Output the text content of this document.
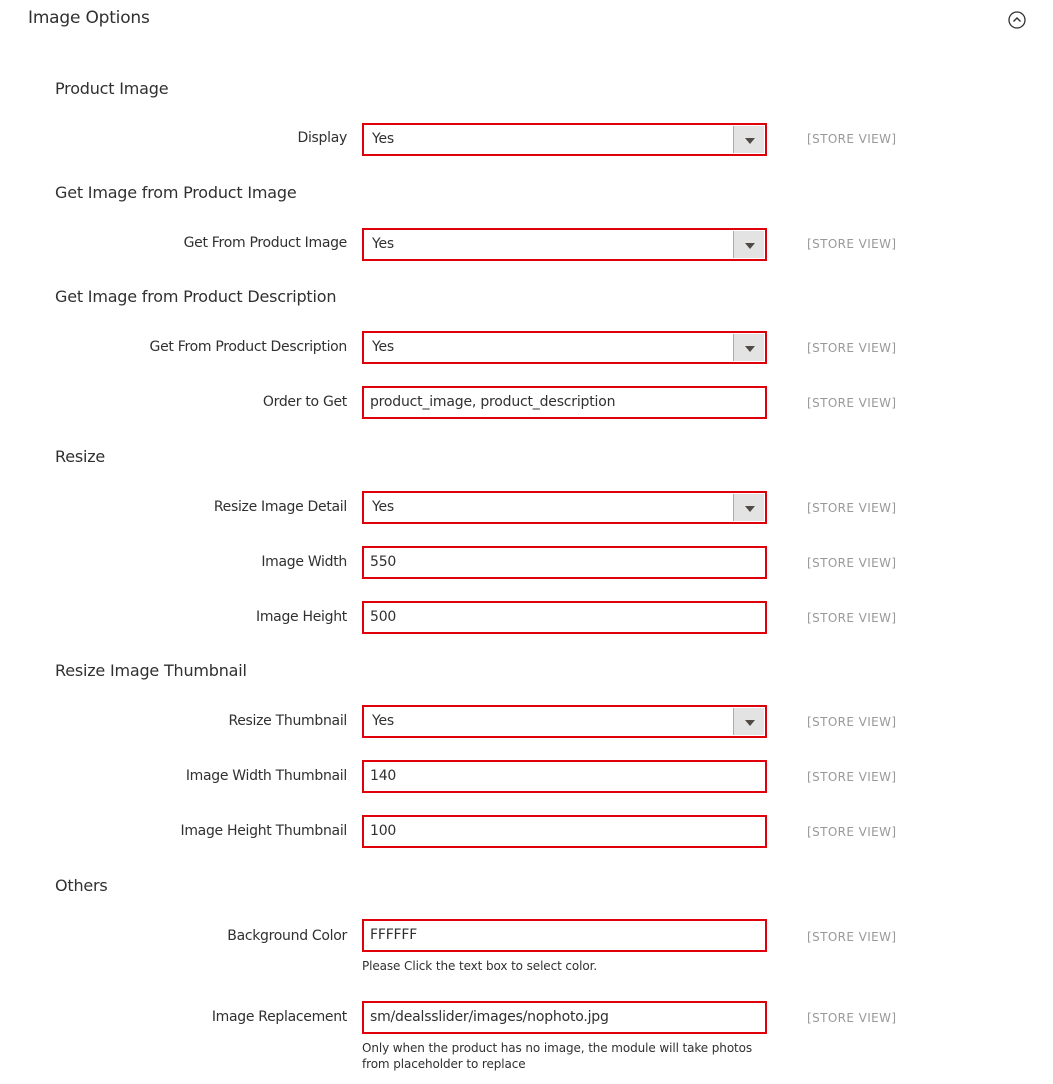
Image Options
Product Image
Display Yes	[STORE VIEW]
Get Image from Product Image
Get From Product Image Yes	[STORE VIEW]
Get Image from Product Description
Get From Product Description Yes	[STORE VIEW]
Order to Get product_image, product_description	[STORE VIEW]
Resize
Resize Image Detail Yes	[STORE VIEW]
Image Width 550	[STORE VIEW]
Image Height 500	[STORE VIEW]
Resize Image Thumbnail
Resize Thumbnail Yes	[STORE VIEW]
Image Width Thumbnail 140	[STORE VIEW]
Image Height Thumbnail 100	[STORE VIEW]
Others
Background Color FFFFFF	[STORE VIEW]
Please Click the text box to select color.
Image Replacement sm/dealsslider/images/nophoto.jpg	[STORE VIEW]
Only when the product has no image, the module will take photos from placeholder to replace
